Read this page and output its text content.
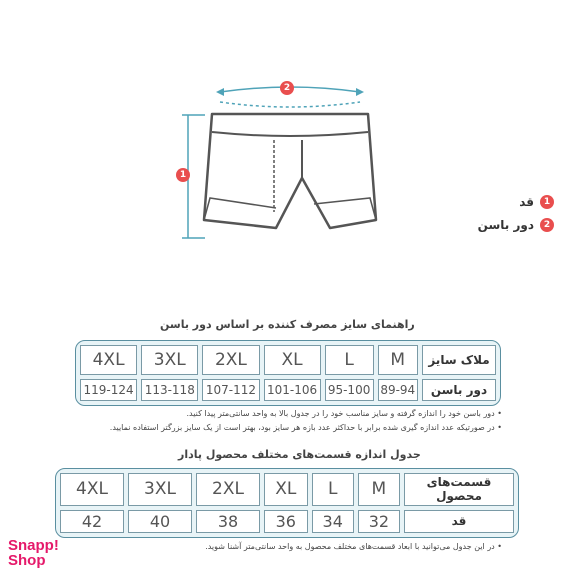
2
1
1
قد
2
دور باسن
راهنمای سایز مصرف کننده بر اساس دور باسن
4XL	3XL	2XL	XL	L	M	ملاک سایز
119-124	113-118	107-112	101-106	95-100	89-94	دور باسن
• دور باسن خود را اندازه گرفته و سایز مناسب خود را در جدول بالا به واحد سانتی‌متر پیدا کنید.
• در صورتیکه عدد اندازه گیری شده برابر با حداکثر عدد بازه هر سایز بود، بهتر است از یک سایز بزرگتر استفاده نمایید.
جدول اندازه قسمت‌های مختلف محصول پادار
4XL	3XL	2XL	XL	L	M	قسمت‌های محصول
42	40	38	36	34	32	قد
• در این جدول می‌توانید با ابعاد قسمت‌های مختلف محصول به واحد سانتی‌متر آشنا شوید.
Snapp!
Shop
